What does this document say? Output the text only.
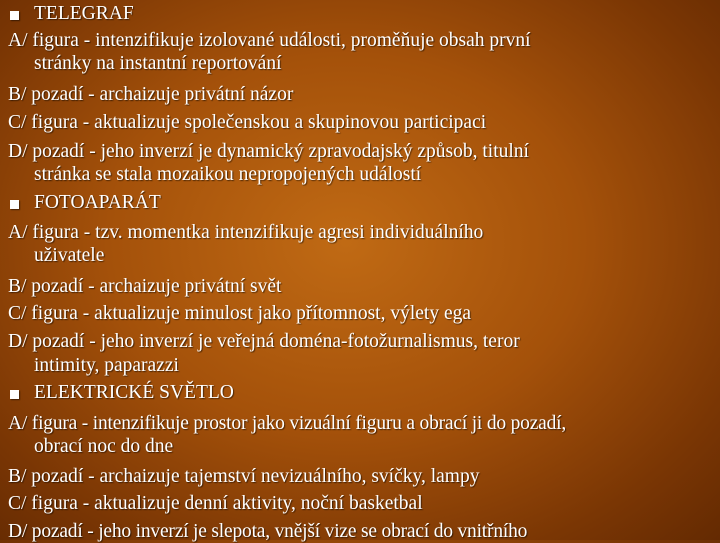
TELEGRAF
A/ figura - intenzifikuje izolované události, proměňuje obsah první
stránky na instantní reportování
B/ pozadí - archaizuje privátní názor
C/ figura - aktualizuje společenskou a skupinovou participaci
D/ pozadí - jeho inverzí je dynamický zpravodajský způsob, titulní
stránka se stala mozaikou nepropojených událostí
FOTOAPARÁT
A/ figura - tzv. momentka intenzifikuje agresi individuálního
uživatele
B/ pozadí - archaizuje privátní svět
C/ figura - aktualizuje minulost jako přítomnost, výlety ega
D/ pozadí - jeho inverzí je veřejná doména-fotožurnalismus, teror
intimity, paparazzi
ELEKTRICKÉ SVĚTLO
A/ figura - intenzifikuje prostor jako vizuální figuru a obrací ji do pozadí,
obrací noc do dne
B/ pozadí - archaizuje tajemství nevizuálního, svíčky, lampy
C/ figura - aktualizuje denní aktivity, noční basketbal
D/ pozadí - jeho inverzí je slepota, vnější vize se obrací do vnitřního
